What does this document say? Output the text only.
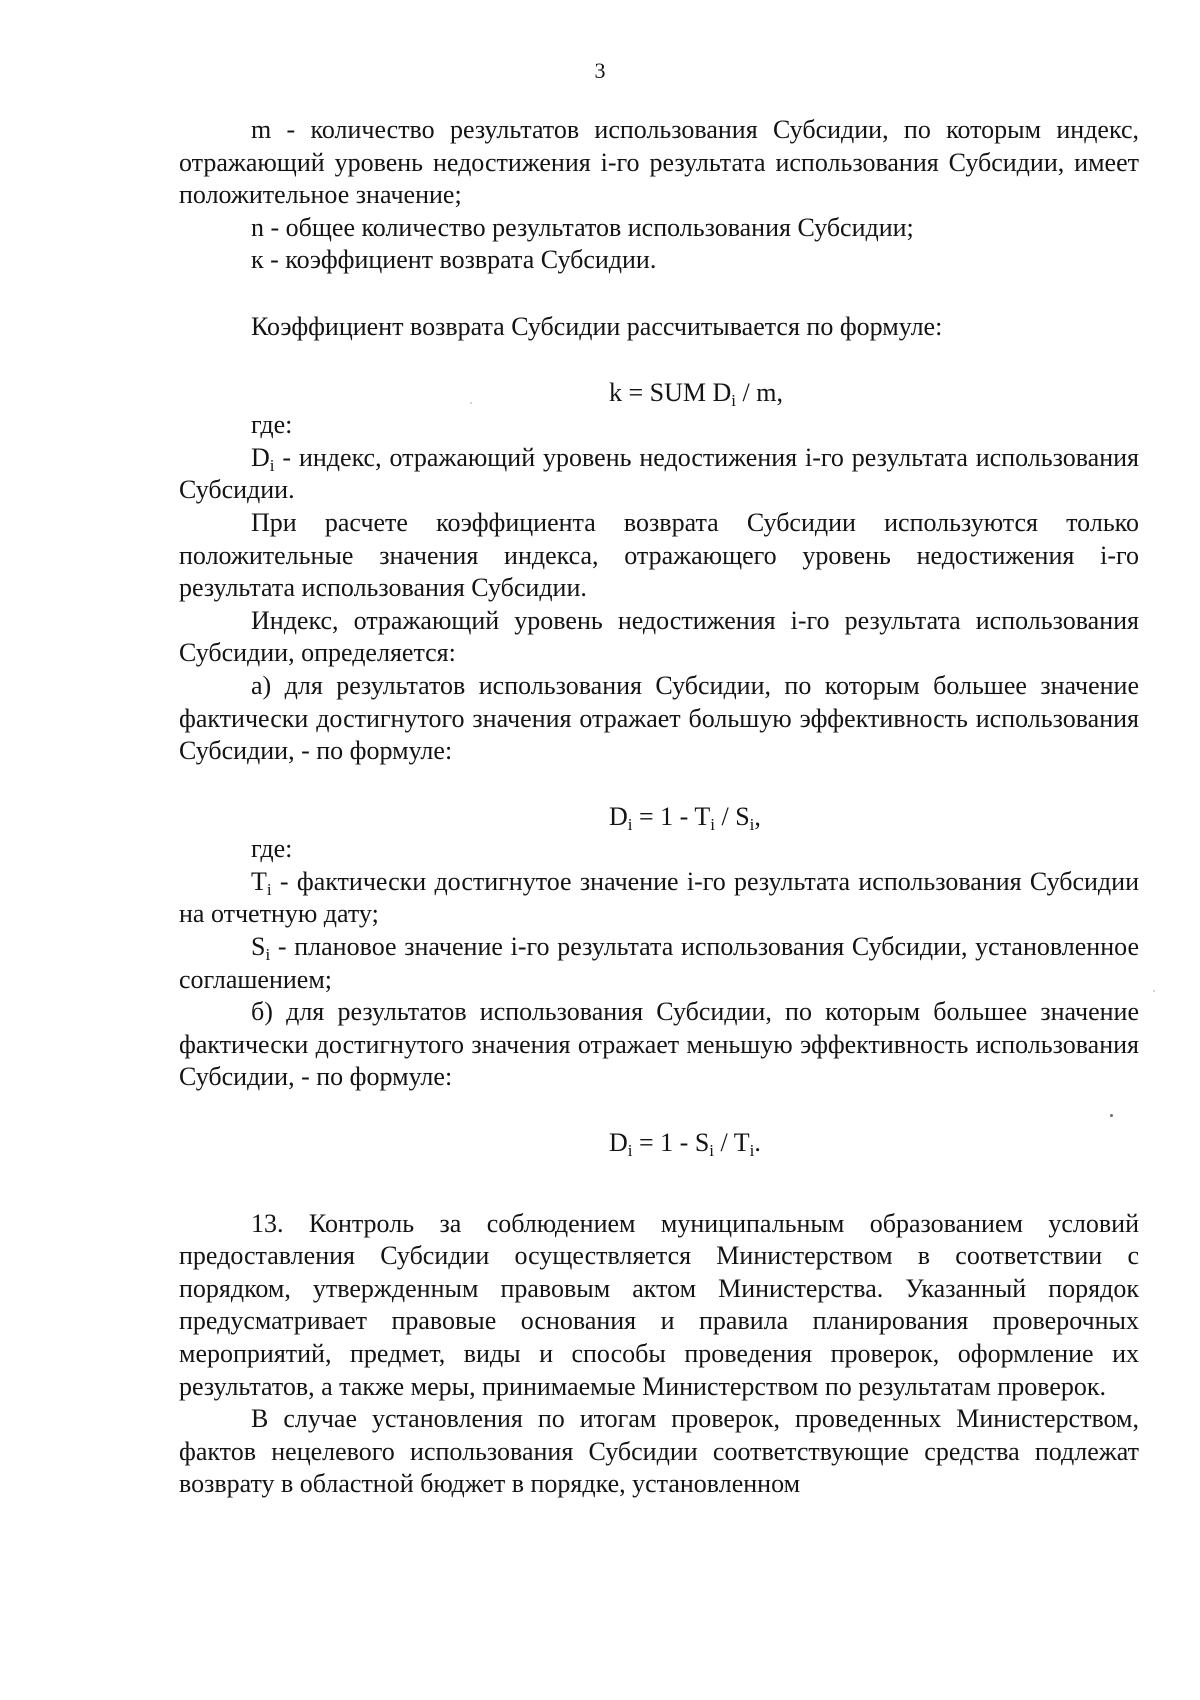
3

m - количество результатов использования Субсидии, по которым индекс, отражающий уровень недостижения i-го результата использования Субсидии, имеет положительное значение;

n - общее количество результатов использования Субсидии;

к - коэффициент возврата Субсидии.

Коэффициент возврата Субсидии рассчитывается по формуле:

k = SUM $D_i$ / m,

где:

$D_i$ - индекс, отражающий уровень недостижения i-го результата использования Субсидии.

При расчете коэффициента возврата Субсидии используются только положительные значения индекса, отражающего уровень недостижения i-го результата использования Субсидии.

Индекс, отражающий уровень недостижения i-го результата использования Субсидии, определяется:

а) для результатов использования Субсидии, по которым большее значение фактически достигнутого значения отражает большую эффективность использования Субсидии, - по формуле:

$D_i = 1 - T_i / S_i$,

где:

$T_i$ - фактически достигнутое значение i-го результата использования Субсидии на отчетную дату;

$S_i$ - плановое значение i-го результата использования Субсидии, установленное соглашением;

б) для результатов использования Субсидии, по которым большее значение фактически достигнутого значения отражает меньшую эффективность использования Субсидии, - по формуле:

$D_i = 1 - S_i / T_i$.

13. Контроль за соблюдением муниципальным образованием условий предоставления Субсидии осуществляется Министерством в соответствии с порядком, утвержденным правовым актом Министерства. Указанный порядок предусматривает правовые основания и правила планирования проверочных мероприятий, предмет, виды и способы проведения проверок, оформление их результатов, а также меры, принимаемые Министерством по результатам проверок.

В случае установления по итогам проверок, проведенных Министерством, фактов нецелевого использования Субсидии соответствующие средства подлежат возврату в областной бюджет в порядке, установленном
